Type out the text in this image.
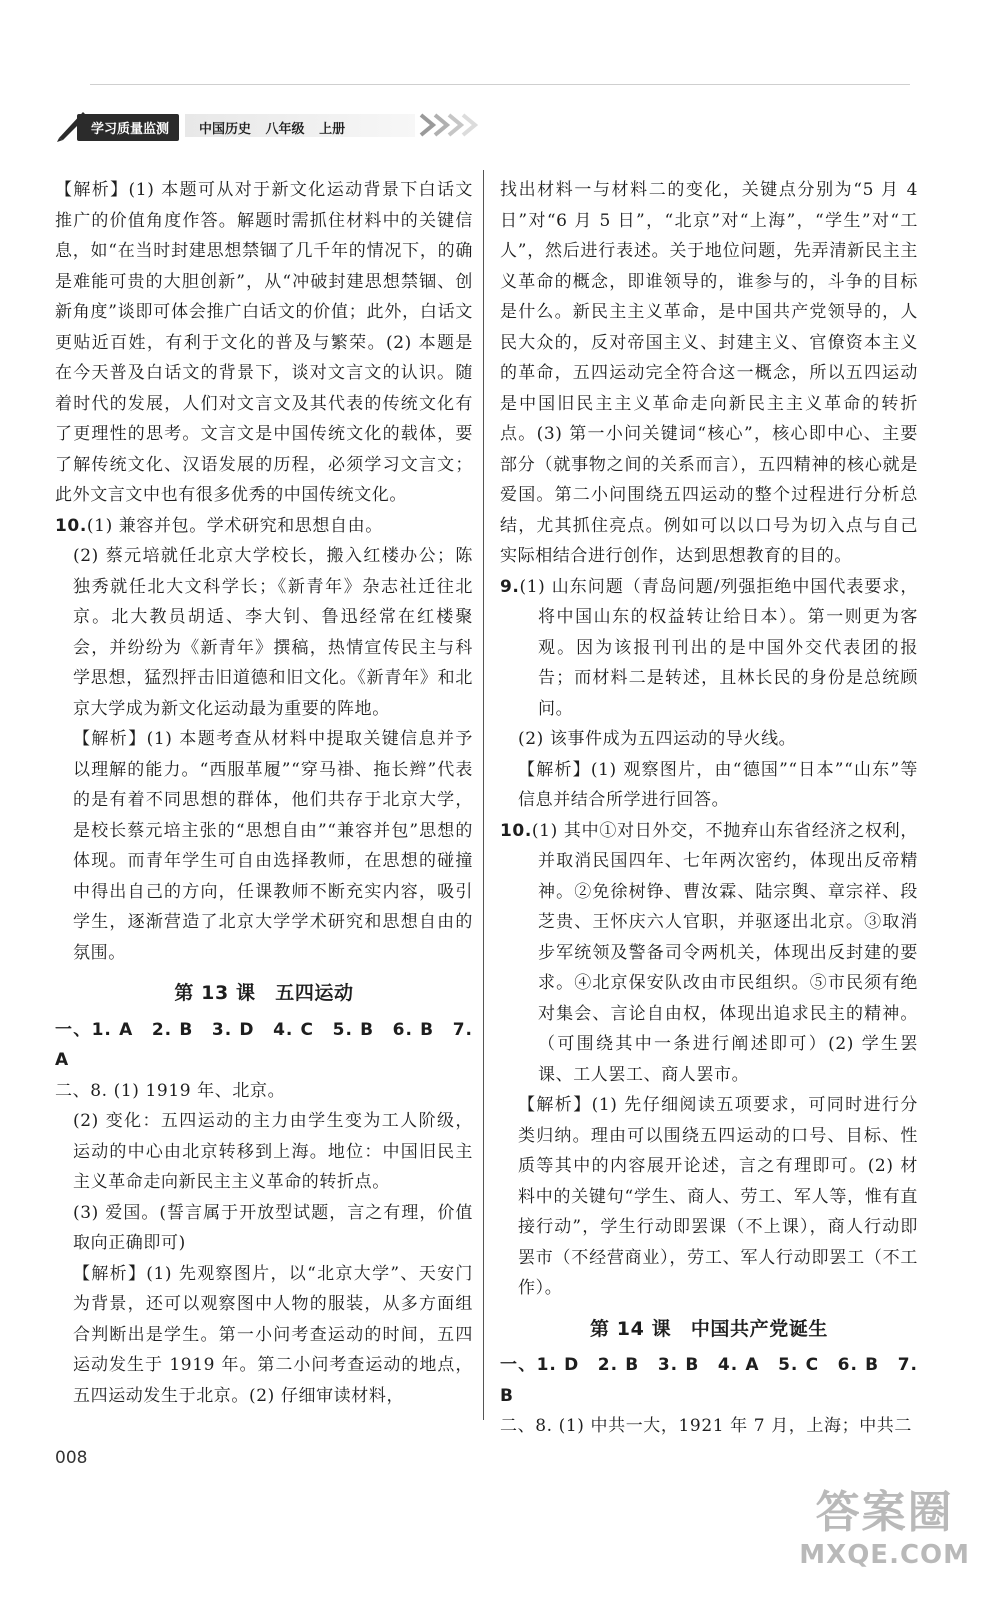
学习质量监测	中国历史 八年级 上册

【解析】(1) 本题可从对于新文化运动背景下白话文推广的价值角度作答。解题时需抓住材料中的关键信息，如“在当时封建思想禁锢了几千年的情况下，的确是难能可贵的大胆创新”，从“冲破封建思想禁锢、创新角度”谈即可体会推广白话文的价值；此外，白话文更贴近百姓，有利于文化的普及与繁荣。(2) 本题是在今天普及白话文的背景下，谈对文言文的认识。随着时代的发展，人们对文言文及其代表的传统文化有了更理性的思考。文言文是中国传统文化的载体，要了解传统文化、汉语发展的历程，必须学习文言文；此外文言文中也有很多优秀的中国传统文化。

10.(1) 兼容并包。学术研究和思想自由。

(2) 蔡元培就任北京大学校长，搬入红楼办公；陈独秀就任北大文科学长；《新青年》杂志社迁往北京。北大教员胡适、李大钊、鲁迅经常在红楼聚会，并纷纷为《新青年》撰稿，热情宣传民主与科学思想，猛烈抨击旧道德和旧文化。《新青年》和北京大学成为新文化运动最为重要的阵地。

【解析】(1) 本题考查从材料中提取关键信息并予以理解的能力。“西服革履”“穿马褂、拖长辫”代表的是有着不同思想的群体，他们共存于北京大学，是校长蔡元培主张的“思想自由”“兼容并包”思想的体现。而青年学生可自由选择教师，在思想的碰撞中得出自己的方向，任课教师不断充实内容，吸引学生，逐渐营造了北京大学学术研究和思想自由的氛围。

第 13 课　五四运动

一、1. A　2. B　3. D　4. C　5. B　6. B　7. A

二、8. (1) 1919 年、北京。

(2) 变化：五四运动的主力由学生变为工人阶级，运动的中心由北京转移到上海。地位：中国旧民主主义革命走向新民主主义革命的转折点。

(3) 爱国。(誓言属于开放型试题，言之有理，价值取向正确即可)

【解析】(1) 先观察图片，以“北京大学”、天安门为背景，还可以观察图中人物的服装，从多方面组合判断出是学生。第一小问考查运动的时间，五四运动发生于 1919 年。第二小问考查运动的地点，五四运动发生于北京。(2) 仔细审读材料，

找出材料一与材料二的变化，关键点分别为“5 月 4 日”对“6 月 5 日”，“北京”对“上海”，“学生”对“工人”，然后进行表述。关于地位问题，先弄清新民主主义革命的概念，即谁领导的，谁参与的，斗争的目标是什么。新民主主义革命，是中国共产党领导的，人民大众的，反对帝国主义、封建主义、官僚资本主义的革命，五四运动完全符合这一概念，所以五四运动是中国旧民主主义革命走向新民主主义革命的转折点。(3) 第一小问关键词“核心”，核心即中心、主要部分（就事物之间的关系而言），五四精神的核心就是爱国。第二小问围绕五四运动的整个过程进行分析总结，尤其抓住亮点。例如可以以口号为切入点与自己实际相结合进行创作，达到思想教育的目的。

9.(1) 山东问题（青岛问题/列强拒绝中国代表要求，将中国山东的权益转让给日本）。第一则更为客观。因为该报刊刊出的是中国外交代表团的报告；而材料二是转述，且林长民的身份是总统顾问。

(2) 该事件成为五四运动的导火线。

【解析】(1) 观察图片，由“德国”“日本”“山东”等信息并结合所学进行回答。

10.(1) 其中①对日外交，不抛弃山东省经济之权利，并取消民国四年、七年两次密约，体现出反帝精神。②免徐树铮、曹汝霖、陆宗舆、章宗祥、段芝贵、王怀庆六人官职，并驱逐出北京。③取消步军统领及警备司令两机关，体现出反封建的要求。④北京保安队改由市民组织。⑤市民须有绝对集会、言论自由权，体现出追求民主的精神。（可围绕其中一条进行阐述即可）(2) 学生罢课、工人罢工、商人罢市。

【解析】(1) 先仔细阅读五项要求，可同时进行分类归纳。理由可以围绕五四运动的口号、目标、性质等其中的内容展开论述，言之有理即可。(2) 材料中的关键句“学生、商人、劳工、军人等，惟有直接行动”，学生行动即罢课（不上课），商人行动即罢市（不经营商业），劳工、军人行动即罢工（不工作）。

第 14 课　中国共产党诞生

一、1. D　2. B　3. B　4. A　5. C　6. B　7. B

二、8. (1) 中共一大，1921 年 7 月，上海；中共二

008
答案圈
MXQE.COM
